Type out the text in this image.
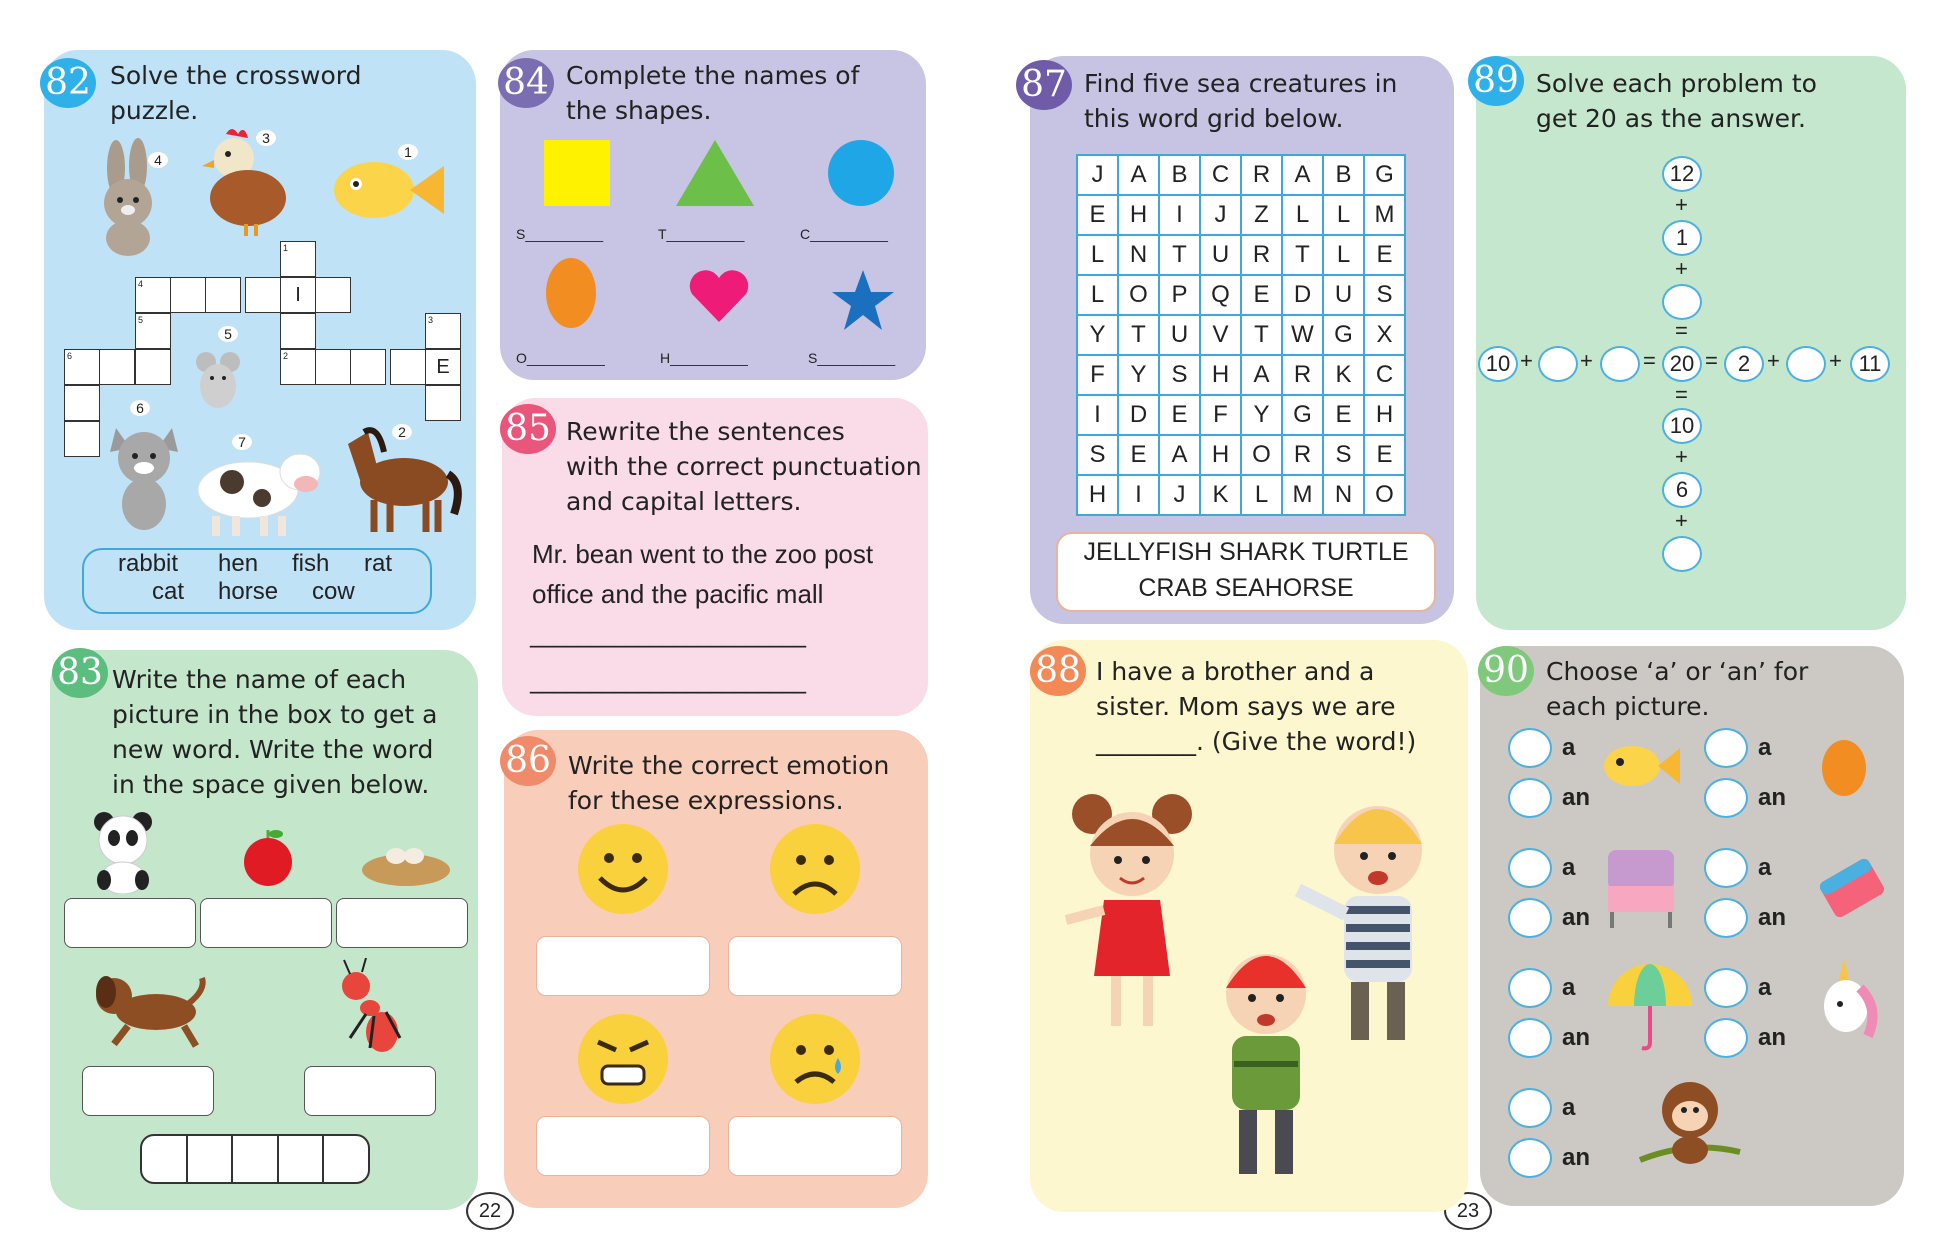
82 Solve the crossword
puzzle.
4
3
1
5
6
7
2
4	I
1
2
5
6	E
3
rabbit hen fish rat
cat horse cow
83 Write the name of each
picture in the box to get a
new word. Write the word
in the space given below.
84 Complete the names of
the shapes.
S__________	T__________	C__________
O__________	H__________	S__________
85 Rewrite the sentences
with the correct punctuation
and capital letters.
Mr. bean went to the zoo post
office and the pacific mall
_______________________
_______________________
86 Write the correct emotion
for these expressions.
22	23
87 Find five sea creatures in
this word grid below.
J	A	B	C	R	A	B	G
E	H	I	J	Z	L	L	M
L	N	T	U	R	T	L	E
L	O	P	Q	E	D	U	S
Y	T	U	V	T	W	G	X
F	Y	S	H	A	R	K	C
I	D	E	F	Y	G	E	H
S	E	A	H	O	R	S	E
H	I	J	K	L	M	N	O
JELLYFISH SHARK TURTLE
CRAB SEAHORSE
88 I have a brother and a
sister. Mom says we are
________. (Give the word!)
89 Solve each problem to
get 20 as the answer.
12
+
1
+
=
10 + + = 20 = 2 + + 11
=
10
+
6
+
90 Choose ‘a’ or ‘an’ for
each picture.
a
an
a
an
a
an
a
an
a
an
a
an
a
an
